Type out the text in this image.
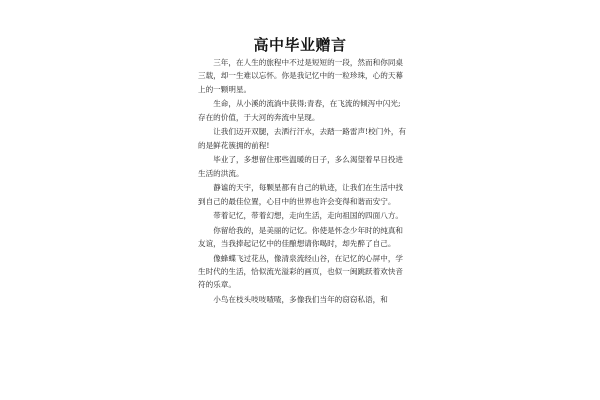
高中毕业赠言

三年，在人生的旅程中不过是短短的一段，然而和你同桌三载，却一生难以忘怀。你是我记忆中的一粒珍珠，心的天幕上的一颗明星。

生命，从小溪的流淌中获得;青春，在飞流的倾泻中闪光;存在的价值，于大河的奔流中呈现。

让我们迈开双腿，去洒行汗水，去踏一路雷声!校门外，有的是鲜花簇拥的前程!

毕业了，多想留住那些温暖的日子，多么渴望着早日投进生活的洪流。

静谧的天宇，每颗星都有自己的轨迹，让我们在生活中找到自己的最佳位置，心目中的世界也许会变得和谐而安宁。

带着记忆，带着幻想，走向生活，走向祖国的四面八方。

你留给我的，是美丽的记忆。你使是怀念少年时的纯真和友谊，当我捧起记忆中的佳酿想请你喝时，却先醉了自己。

像蜂蝶飞过花丛，像清泉流经山谷，在记忆的心屏中，学生时代的生活，恰似流光溢彩的画页，也似一闽跳跃着欢快音符的乐章。

小鸟在枝头吱吱喳喳，多像我们当年的窃窃私语，和
